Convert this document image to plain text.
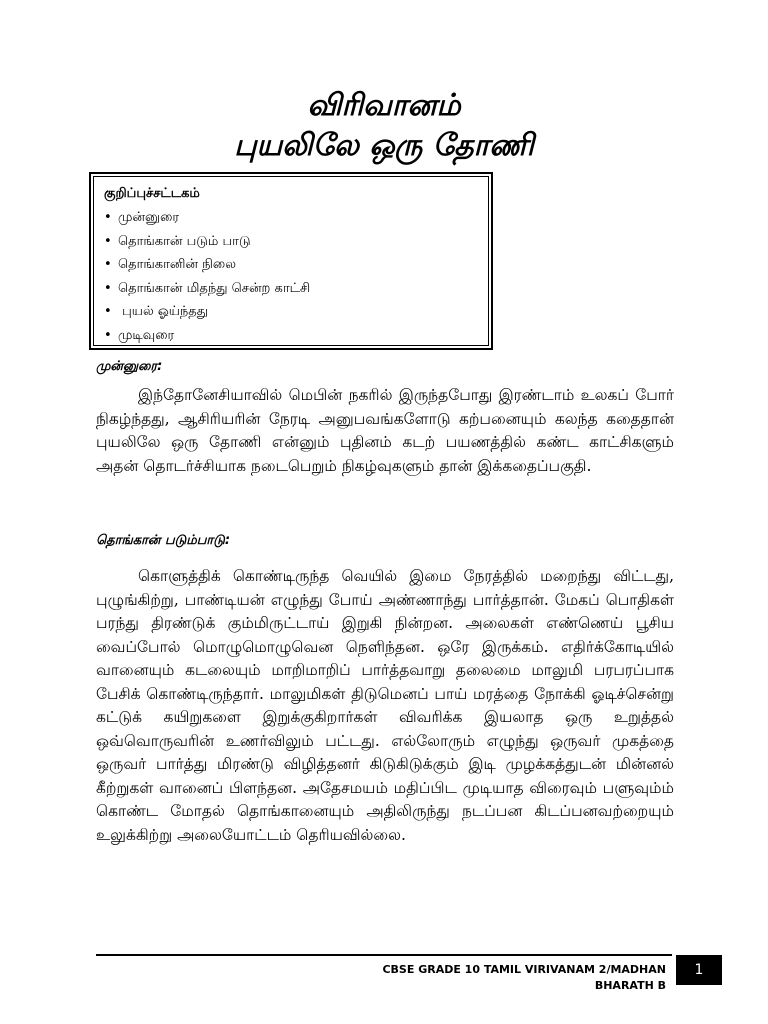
விரிவானம்
புயலிலே ஒரு தோணி
குறிப்புச்சட்டகம்
• முன்னுரை
• தொங்கான் படும் பாடு
• தொங்கானின் நிலை
• தொங்கான் மிதந்து சென்ற காட்சி
• புயல் ஓய்ந்தது
• முடிவுரை
முன்னுரை:

இந்தோனேசியாவில் மெபின் நகரில் இருந்தபோது இரண்டாம் உலகப் போர் நிகழ்ந்தது, ஆசிரியரின் நேரடி அனுபவங்களோடு கற்பனையும் கலந்த கதைதான் புயலிலே ஒரு தோணி என்னும் புதினம் கடற் பயணத்தில் கண்ட காட்சிகளும் அதன் தொடர்ச்சியாக நடைபெறும் நிகழ்வுகளும் தான் இக்கதைப்பகுதி.

தொங்கான் படும்பாடு:

கொளுத்திக் கொண்டிருந்த வெயில் இமை நேரத்தில் மறைந்து விட்டது, புழுங்கிற்று, பாண்டியன் எழுந்து போய் அண்ணாந்து பார்த்தான். மேகப் பொதிகள் பரந்து திரண்டுக் கும்மிருட்டாய் இறுகி நின்றன. அலைகள் எண்ணெய் பூசிய வைப்போல் மொழுமொழுவென நெளிந்தன. ஒரே இருக்கம். எதிர்க்கோடியில் வானையும் கடலையும் மாறிமாறிப் பார்த்தவாறு தலைமை மாலுமி பரபரப்பாக பேசிக் கொண்டிருந்தார். மாலுமிகள் திடுமெனப் பாய் மரத்தை நோக்கி ஓடிச்சென்று கட்டுக் கயிறுகளை இறுக்குகிறார்கள் விவரிக்க இயலாத ஒரு உறுத்தல் ஒவ்வொருவரின் உணர்விலும் பட்டது. எல்லோரும் எழுந்து ஒருவர் முகத்தை ஒருவர் பார்த்து மிரண்டு விழித்தனர் கிடுகிடுக்கும் இடி முழக்கத்துடன் மின்னல் கீற்றுகள் வானைப் பிளந்தன. அதேசமயம் மதிப்பிட முடியாத விரைவும் பளுவும்ம் கொண்ட மோதல் தொங்கானையும் அதிலிருந்து நடப்பன கிடப்பனவற்றையும் உலுக்கிற்று அலையோட்டம் தெரியவில்லை.

CBSE GRADE 10 TAMIL VIRIVANAM 2/MADHAN BHARATH B
1
